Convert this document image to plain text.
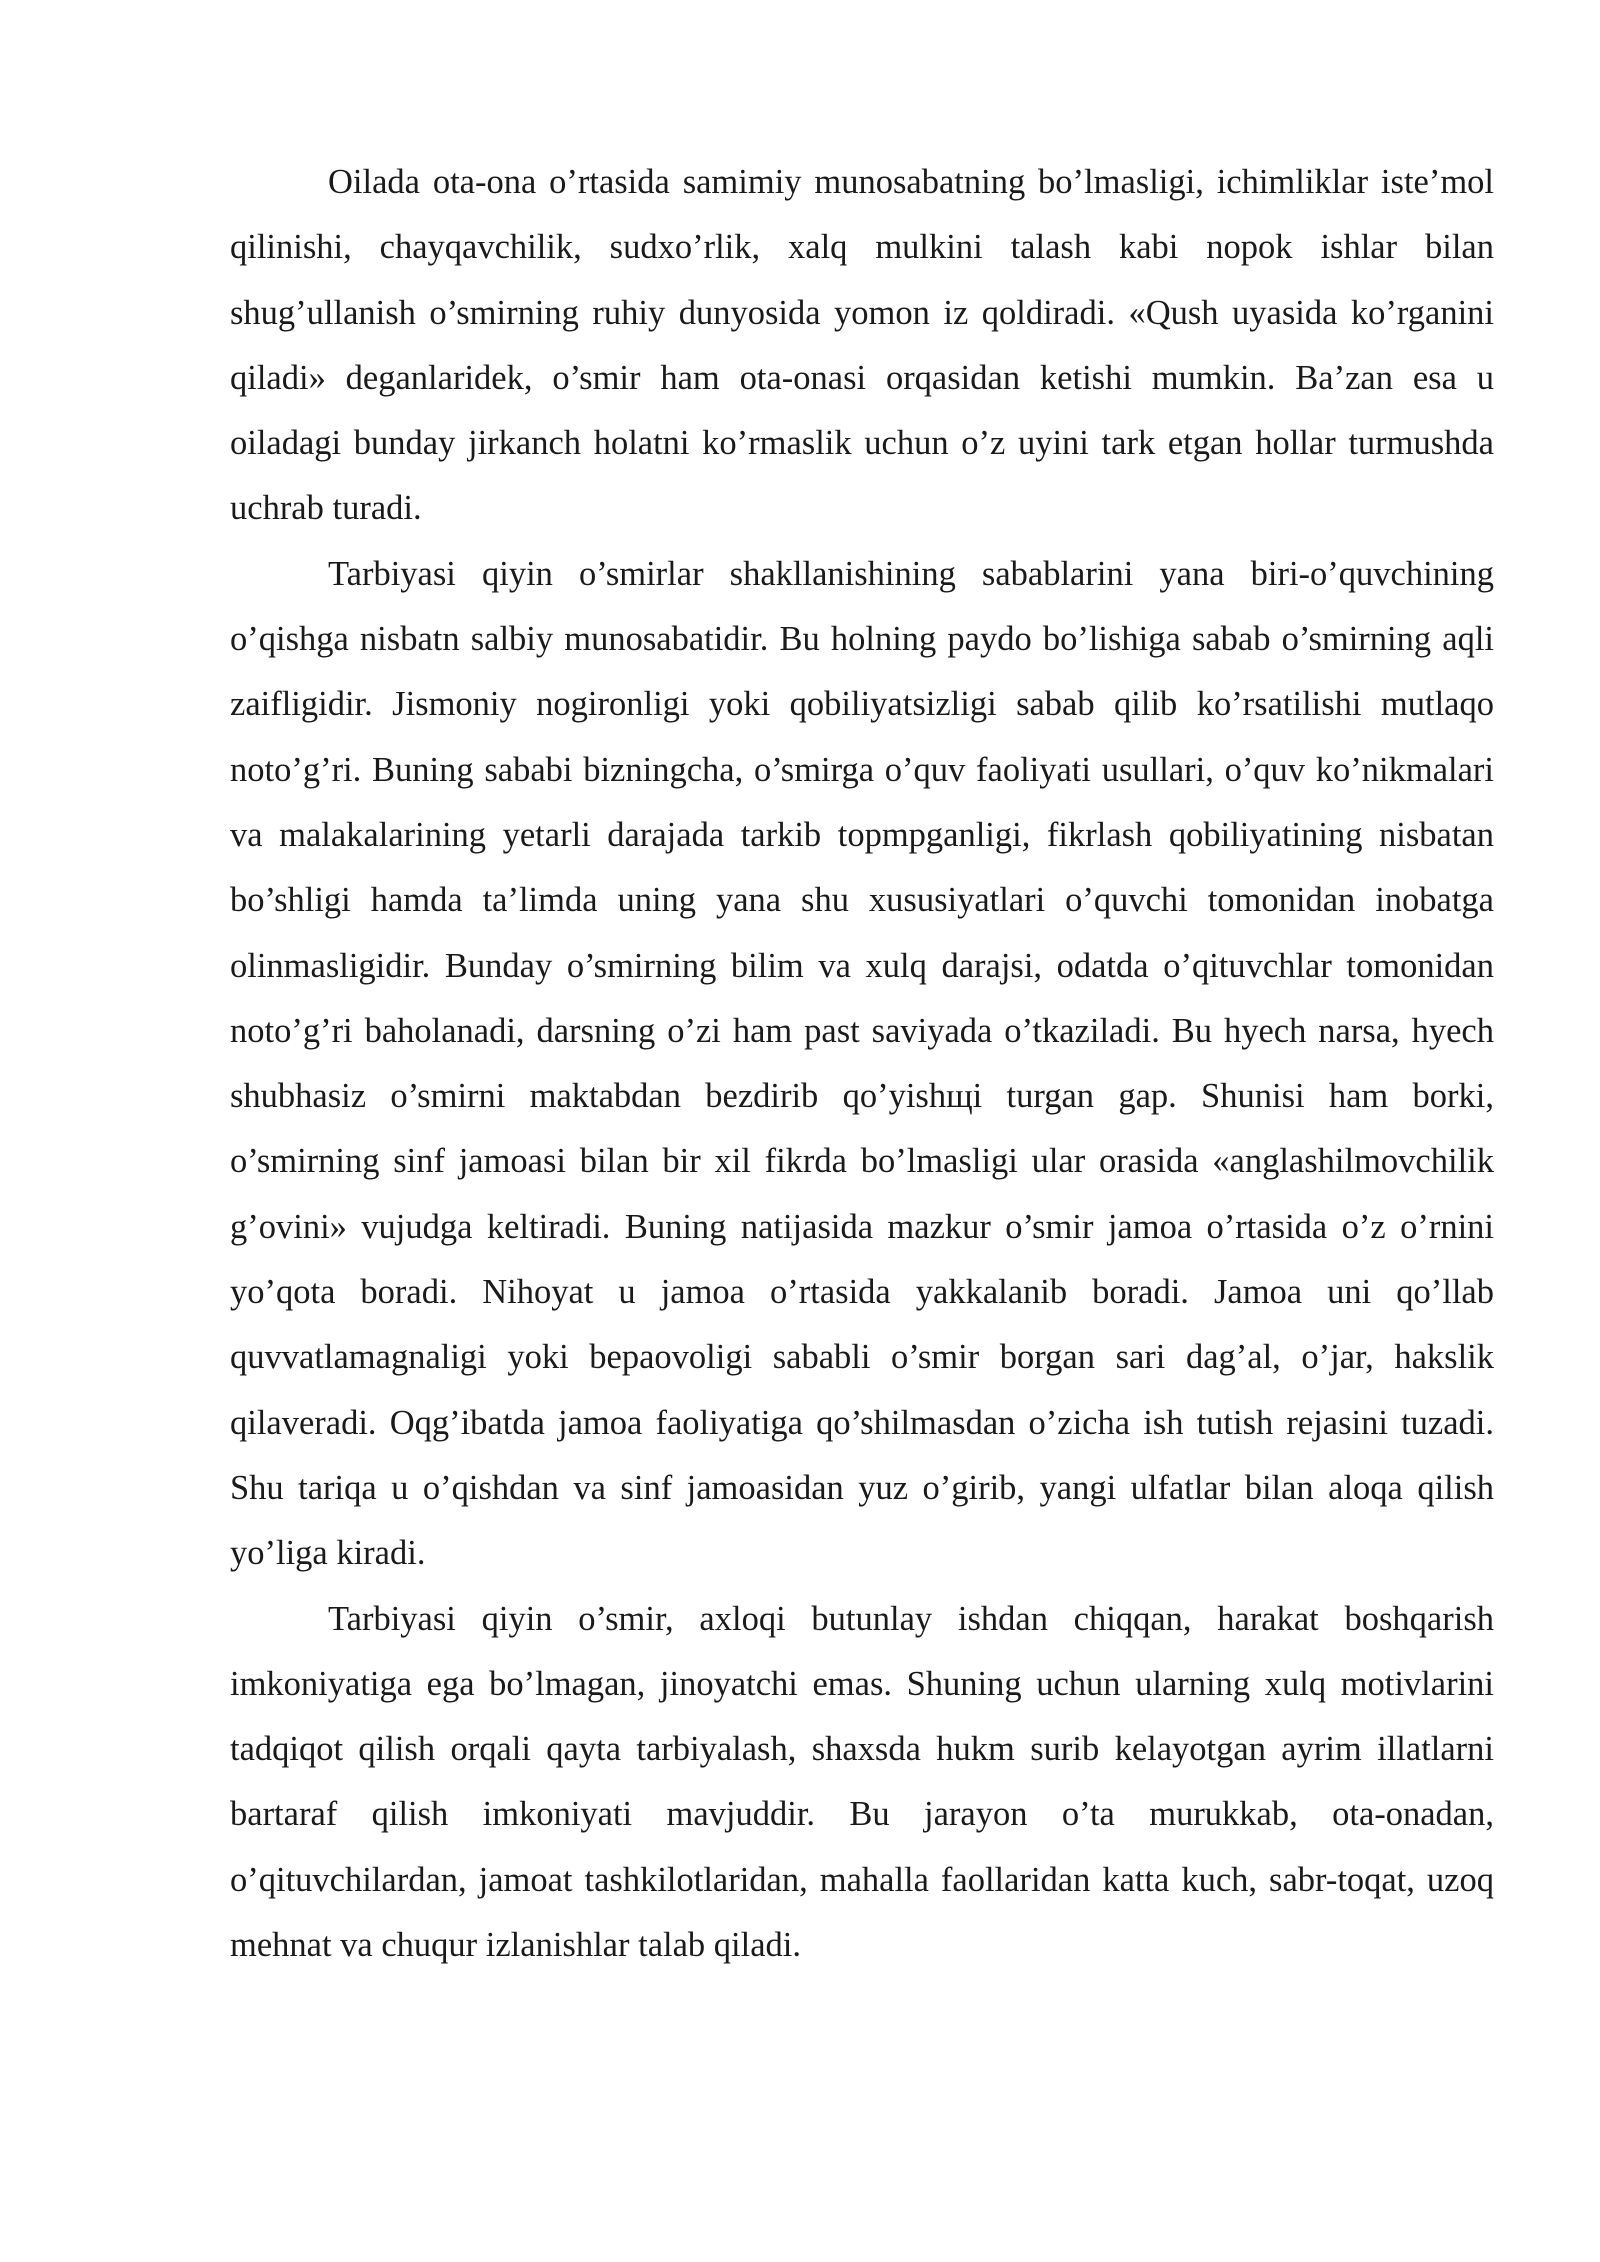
Oilada ota-ona o’rtasida samimiy munosabatning bo’lmasligi, ichimliklar iste’mol qilinishi, chayqavchilik, sudxo’rlik, xalq mulkini talash kabi nopok ishlar bilan shug’ullanish o’smirning ruhiy dunyosida yomon iz qoldiradi. «Qush uyasida ko’rganini qiladi» deganlaridek, o’smir ham ota-onasi orqasidan ketishi mumkin. Ba’zan esa u oiladagi bunday jirkanch holatni ko’rmaslik uchun o’z uyini tark etgan hollar turmushda uchrab turadi.

Tarbiyasi qiyin o’smirlar shakllanishining sabablarini yana biri-o’quvchining o’qishga nisbatn salbiy munosabatidir. Bu holning paydo bo’lishiga sabab o’smirning aqli zaifligidir. Jismoniy nogironligi yoki qobiliyatsizligi sabab qilib ko’rsatilishi mutlaqo noto’g’ri. Buning sababi bizningcha, o’smirga o’quv faoliyati usullari, o’quv ko’nikmalari va malakalarining yetarli darajada tarkib topmpganligi, fikrlash qobiliyatining nisbatan bo’shligi hamda ta’limda uning yana shu xususiyatlari o’quvchi tomonidan inobatga olinmasligidir. Bunday o’smirning bilim va xulq darajsi, odatda o’qituvchlar tomonidan noto’g’ri baholanadi, darsning o’zi ham past saviyada o’tkaziladi. Bu hyech narsa, hyech shubhasiz o’smirni maktabdan bezdirib qo’yishщi turgan gap. Shunisi ham borki, o’smirning sinf jamoasi bilan bir xil fikrda bo’lmasligi ular orasida «anglashilmovchilik g’ovini» vujudga keltiradi. Buning natijasida mazkur o’smir jamoa o’rtasida o’z o’rnini yo’qota boradi. Nihoyat u jamoa o’rtasida yakkalanib boradi. Jamoa uni qo’llab quvvatlamagnaligi yoki bepaovoligi sababli o’smir borgan sari dag’al, o’jar, hakslik qilaveradi. Oqg’ibatda jamoa faoliyatiga qo’shilmasdan o’zicha ish tutish rejasini tuzadi. Shu tariqa u o’qishdan va sinf jamoasidan yuz o’girib, yangi ulfatlar bilan aloqa qilish yo’liga kiradi.

Tarbiyasi qiyin o’smir, axloqi butunlay ishdan chiqqan, harakat boshqarish imkoniyatiga ega bo’lmagan, jinoyatchi emas. Shuning uchun ularning xulq motivlarini tadqiqot qilish orqali qayta tarbiyalash, shaxsda hukm surib kelayotgan ayrim illatlarni bartaraf qilish imkoniyati mavjuddir. Bu jarayon o’ta murukkab, ota-onadan, o’qituvchilardan, jamoat tashkilotlaridan, mahalla faollaridan katta kuch, sabr-toqat, uzoq mehnat va chuqur izlanishlar talab qiladi.
